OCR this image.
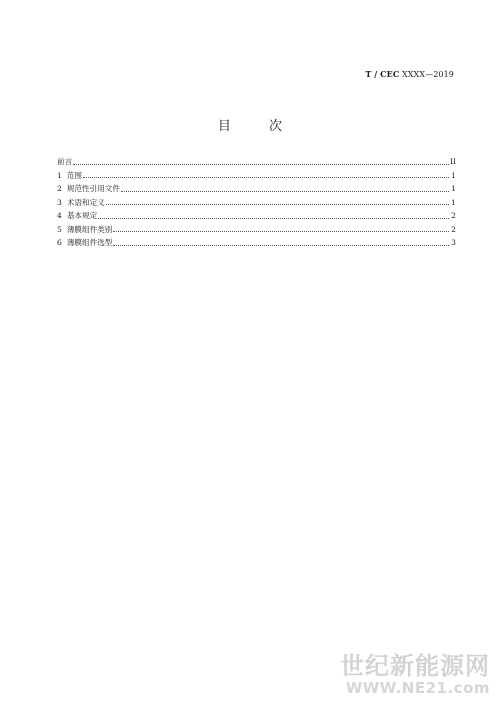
T / CEC XXXX—2019
目 次
前言	II
1 范围	1
2 规范性引用文件	1
3 术语和定义	1
4 基本规定	2
5 薄膜组件类别	2
6 薄膜组件选型	3
世纪新能源网
WWW.NE21.com
